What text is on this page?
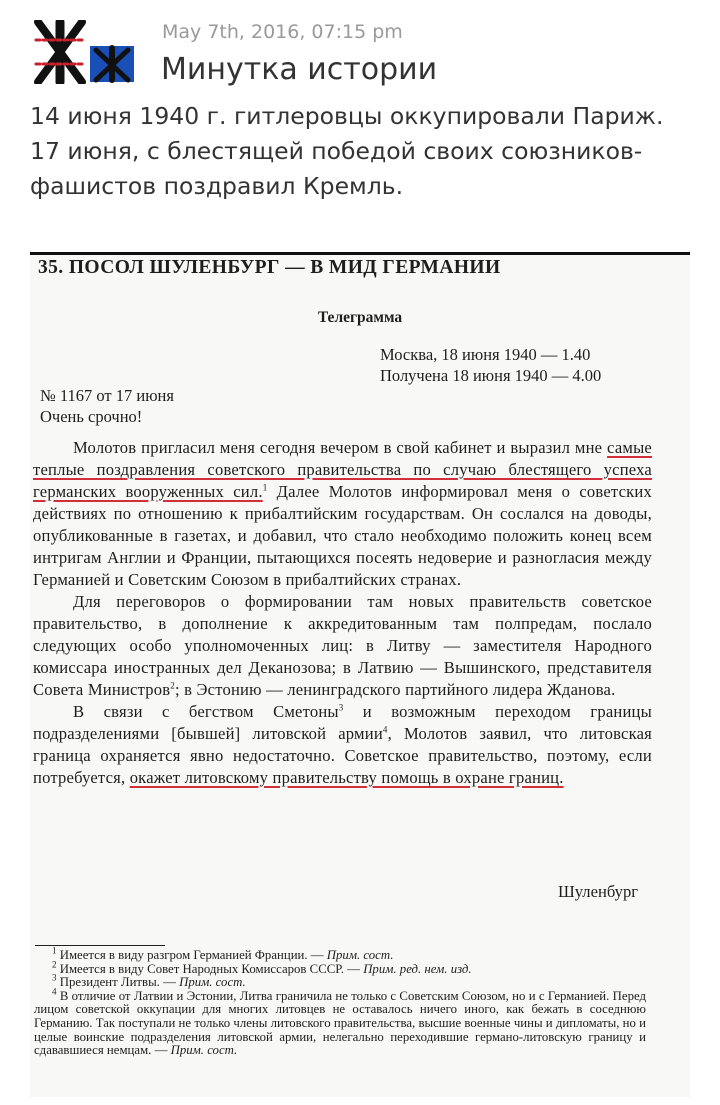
May 7th, 2016, 07:15 pm
Минутка истории

14 июня 1940 г. гитлеровцы оккупировали Париж.

17 июня, с блестящей победой своих союзников-фашистов поздравил Кремль.

35. ПОСОЛ ШУЛЕНБУРГ — В МИД ГЕРМАНИИ
Телеграмма
Москва, 18 июня 1940 — 1.40
Получена 18 июня 1940 — 4.00
№ 1167 от 17 июня
Очень срочно!

Молотов пригласил меня сегодня вечером в свой кабинет и выразил мне самые теплые поздравления советского правительства по случаю блестящего успеха германских вооруженных сил.$^1$ Далее Молотов информировал меня о советских действиях по отношению к прибалтийским государствам. Он сослался на доводы, опубликованные в газетах, и добавил, что стало необходимо положить конец всем интригам Англии и Франции, пытающихся посеять недоверие и разногласия между Германией и Советским Союзом в прибалтийских странах.

Для переговоров о формировании там новых правительств советское правительство, в дополнение к аккредитованным там полпредам, послало следующих особо уполномоченных лиц: в Литву — заместителя Народного комиссара иностранных дел Деканозова; в Латвию — Вышинского, представителя Совета Министров$^2$; в Эстонию — ленинградского партийного лидера Жданова.

В связи с бегством Сметоны$^3$ и возможным переходом границы подразделениями [бывшей] литовской армии$^4$, Молотов заявил, что литовская граница охраняется явно недостаточно. Советское правительство, поэтому, если потребуется, окажет литовскому правительству помощь в охране границ.

Шуленбург

$^1$ Имеется в виду разгром Германией Франции. — Прим. сост.

$^2$ Имеется в виду Совет Народных Комиссаров СССР. — Прим. ред. нем. изд.

$^3$ Президент Литвы. — Прим. сост.

$^4$ В отличие от Латвии и Эстонии, Литва граничила не только с Советским Союзом, но и с Германией. Перед лицом советской оккупации для многих литовцев не оставалось ничего иного, как бежать в соседнюю Германию. Так поступали не только члены литовского правительства, высшие военные чины и дипломаты, но и целые воинские подразделения литовской армии, нелегально переходившие германо-литовскую границу и сдававшиеся немцам. — Прим. сост.
